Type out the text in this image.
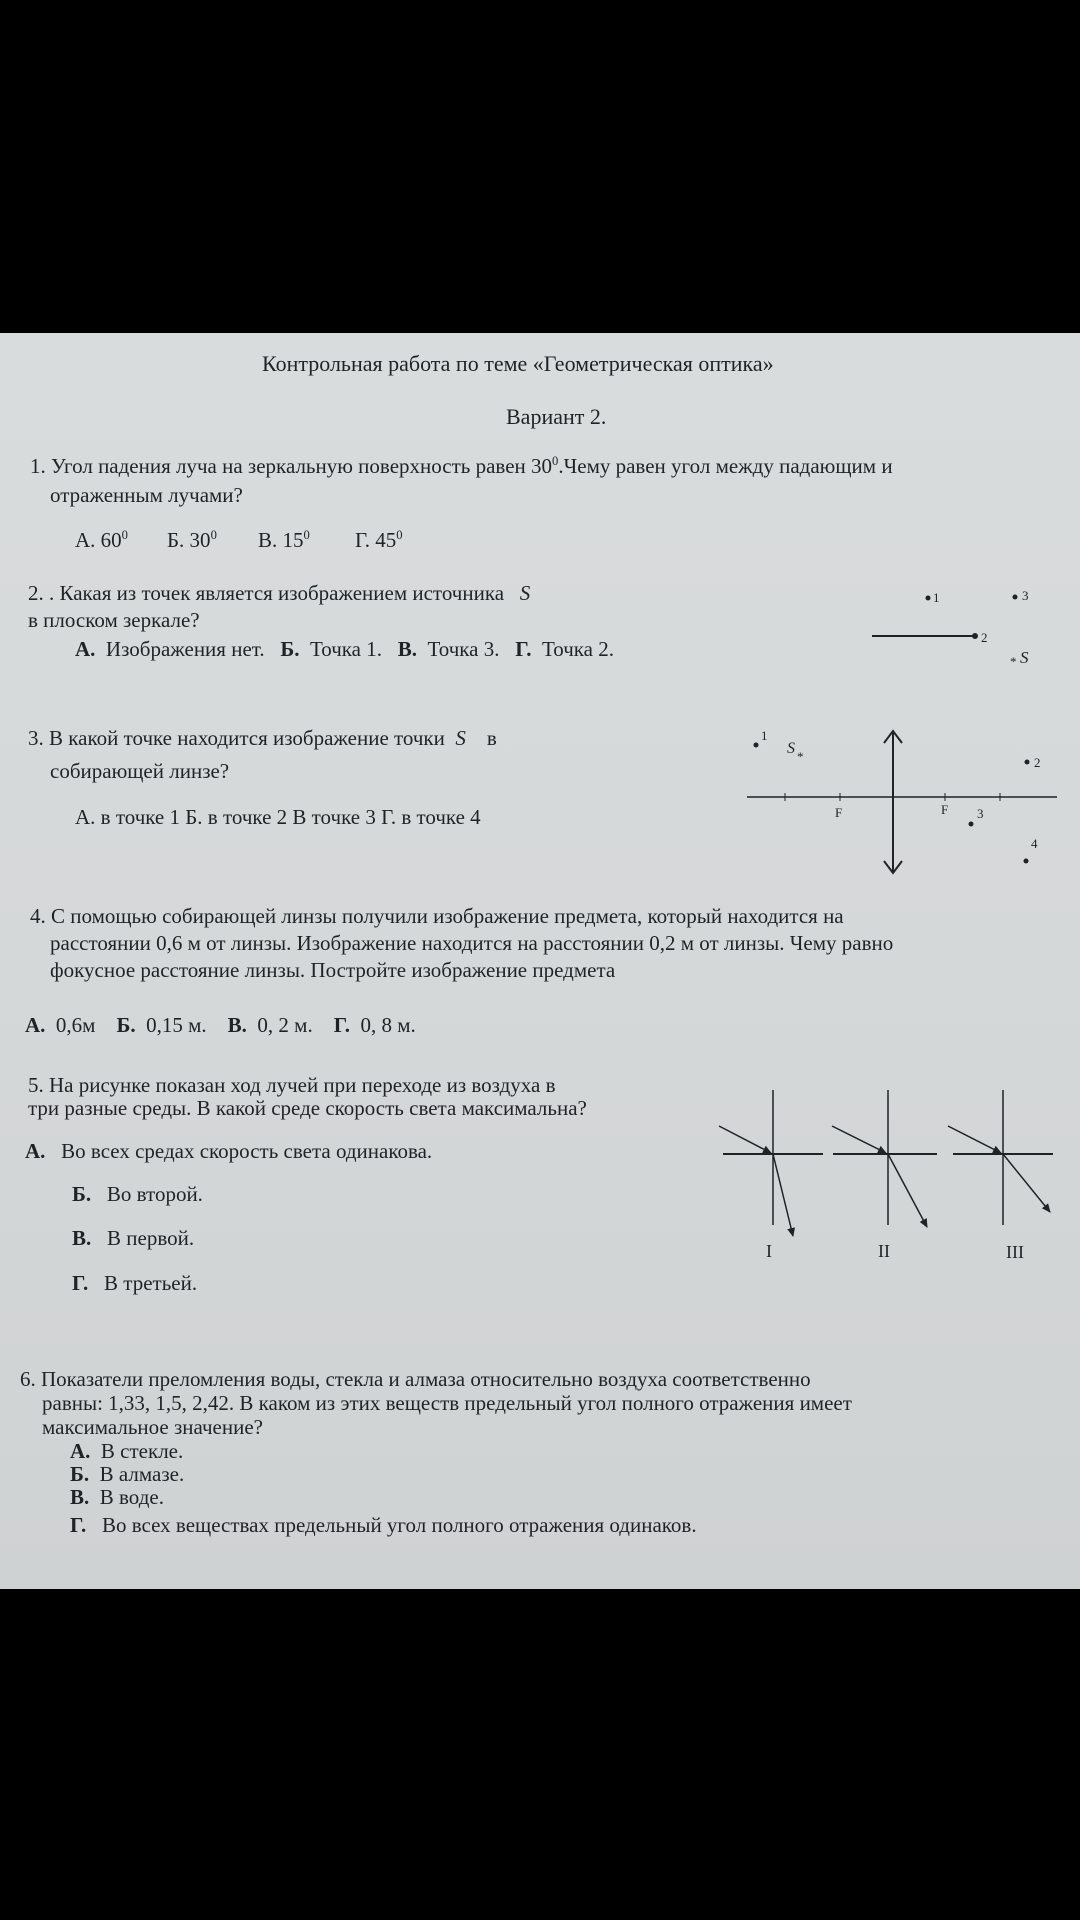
Контрольная работа по теме «Геометрическая оптика»
Вариант 2.
1. Угол падения луча на зеркальную поверхность равен $30^0.Чему$ равен угол между падающим и
отраженным лучами?
А. $60^0$ Б. $30^0$ В. $15^0$ Г. $45^0$
2. . Какая из точек является изображением источника S
в плоском зеркале?
А. Изображения нет. Б. Точка 1. В. Точка 3. Г. Точка 2.
1	3
2
* S
3. В какой точке находится изображение точки S в
собирающей линзе?
А. в точке 1 Б. в точке 2 В точке 3 Г. в точке 4
1
S *
F	F
2
3
4
4. С помощью собирающей линзы получили изображение предмета, который находится на
расстоянии 0,6 м от линзы. Изображение находится на расстоянии 0,2 м от линзы. Чему равно
фокусное расстояние линзы. Постройте изображение предмета
А. 0,6м Б. 0,15 м. В. 0, 2 м. Г. 0, 8 м.
5. На рисунке показан ход лучей при переходе из воздуха в
три разные среды. В какой среде скорость света максимальна?
А. Во всех средах скорость света одинакова.
Б. Во второй.
В. В первой.
Г. В третьей.
I	II	III
6. Показатели преломления воды, стекла и алмаза относительно воздуха соответственно
равны: 1,33, 1,5, 2,42. В каком из этих веществ предельный угол полного отражения имеет
максимальное значение?
А. В стекле.
Б. В алмазе.
В. В воде.
Г. Во всех веществах предельный угол полного отражения одинаков.
